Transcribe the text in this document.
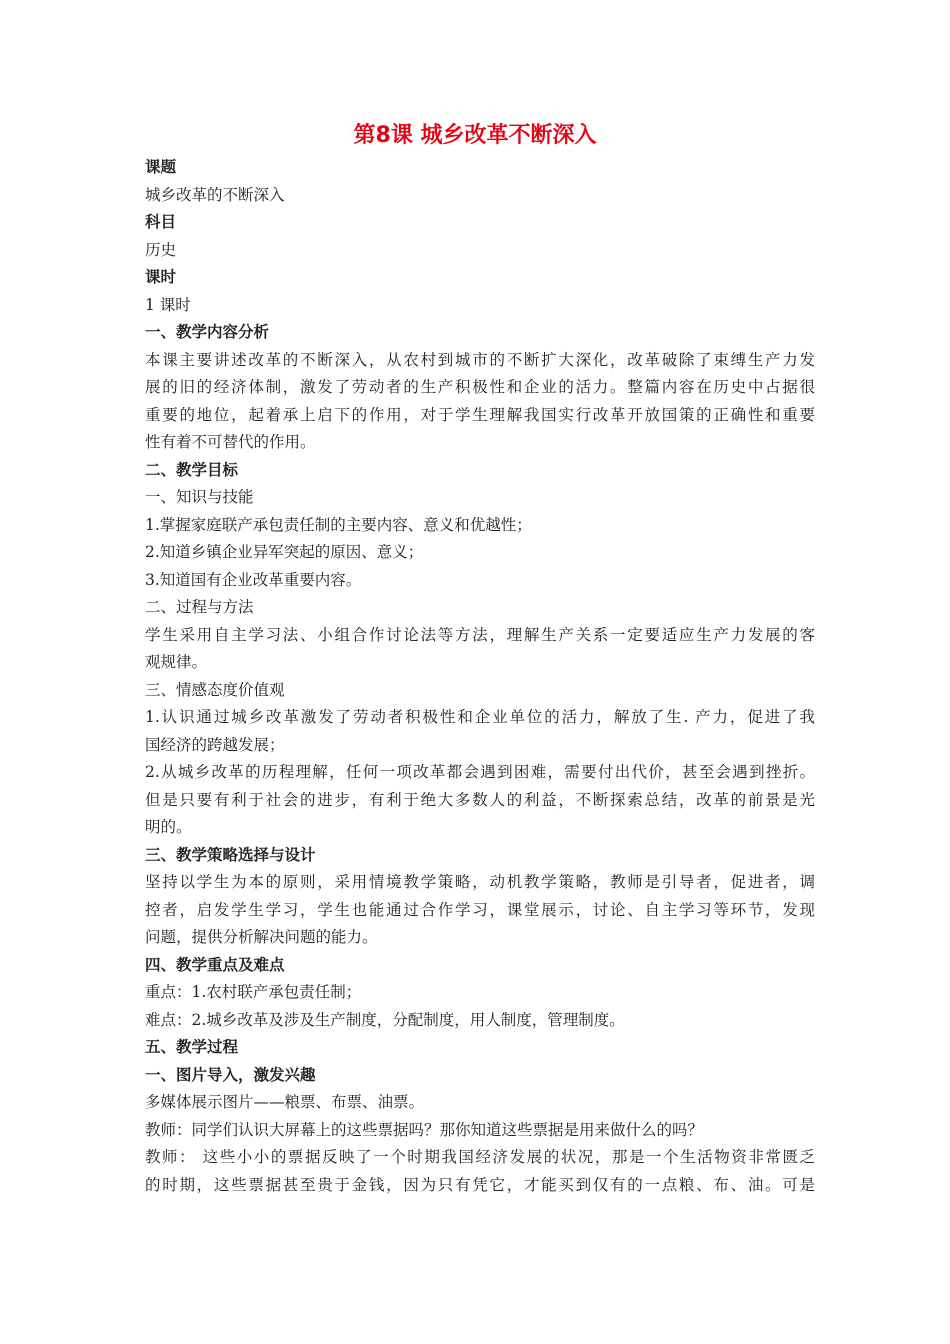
第8课 城乡改革不断深入
课题
城乡改革的不断深入
科目
历史
课时
1 课时
一、教学内容分析
本课主要讲述改革的不断深入，从农村到城市的不断扩大深化，改革破除了束缚生产力发
展的旧的经济体制，激发了劳动者的生产积极性和企业的活力。整篇内容在历史中占据很
重要的地位，起着承上启下的作用，对于学生理解我国实行改革开放国策的正确性和重要
性有着不可替代的作用。
二、教学目标
一、知识与技能
1.掌握家庭联产承包责任制的主要内容、意义和优越性；
2.知道乡镇企业异军突起的原因、意义；
3.知道国有企业改革重要内容。
二、过程与方法
学生采用自主学习法、小组合作讨论法等方法，理解生产关系一定要适应生产力发展的客
观规律。
三、情感态度价值观
1.认识通过城乡改革激发了劳动者积极性和企业单位的活力，解放了生. 产力，促进了我
国经济的跨越发展；
2.从城乡改革的历程理解，任何一项改革都会遇到困难，需要付出代价，甚至会遇到挫折。
但是只要有利于社会的进步，有利于绝大多数人的利益，不断探索总结，改革的前景是光
明的。
三、教学策略选择与设计
坚持以学生为本的原则，采用情境教学策略，动机教学策略，教师是引导者，促进者，调
控者，启发学生学习，学生也能通过合作学习，课堂展示，讨论、自主学习等环节，发现
问题，提供分析解决问题的能力。
四、教学重点及难点
重点：1.农村联产承包责任制；
难点：2.城乡改革及涉及生产制度，分配制度，用人制度，管理制度。
五、教学过程
一、图片导入，激发兴趣
多媒体展示图片——粮票、布票、油票。
教师：同学们认识大屏幕上的这些票据吗？那你知道这些票据是用来做什么的吗？
教师： 这些小小的票据反映了一个时期我国经济发展的状况，那是一个生活物资非常匮乏
的时期，这些票据甚至贵于金钱，因为只有凭它，才能买到仅有的一点粮、布、油。可是
